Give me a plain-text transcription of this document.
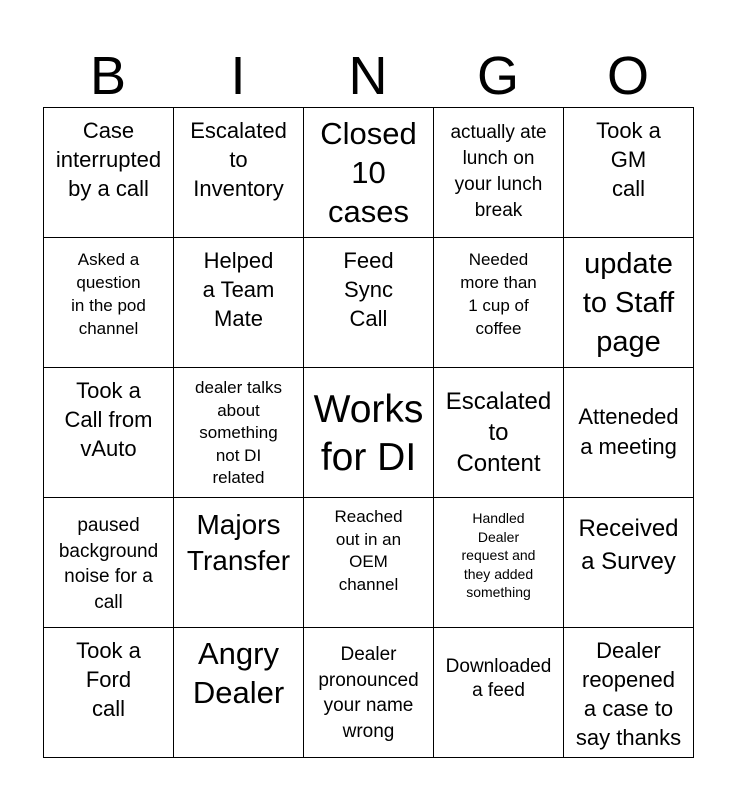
B	I	N	G	O
Case
interrupted
by a call
Escalated
to
Inventory
Closed
10
cases
actually ate
lunch on
your lunch
break
Took a
GM
call
Asked a
question
in the pod
channel
Helped
a Team
Mate
Feed
Sync
Call
Needed
more than
1 cup of
coffee
update
to Staff
page
Took a
Call from
vAuto
dealer talks
about
something
not DI
related
Works
for DI
Escalated
to
Content
Atteneded
a meeting
paused
background
noise for a
call
Majors
Transfer
Reached
out in an
OEM
channel
Handled
Dealer
request and
they added
something
Received
a Survey
Took a
Ford
call
Angry
Dealer
Dealer
pronounced
your name
wrong
Downloaded
a feed
Dealer
reopened
a case to
say thanks
